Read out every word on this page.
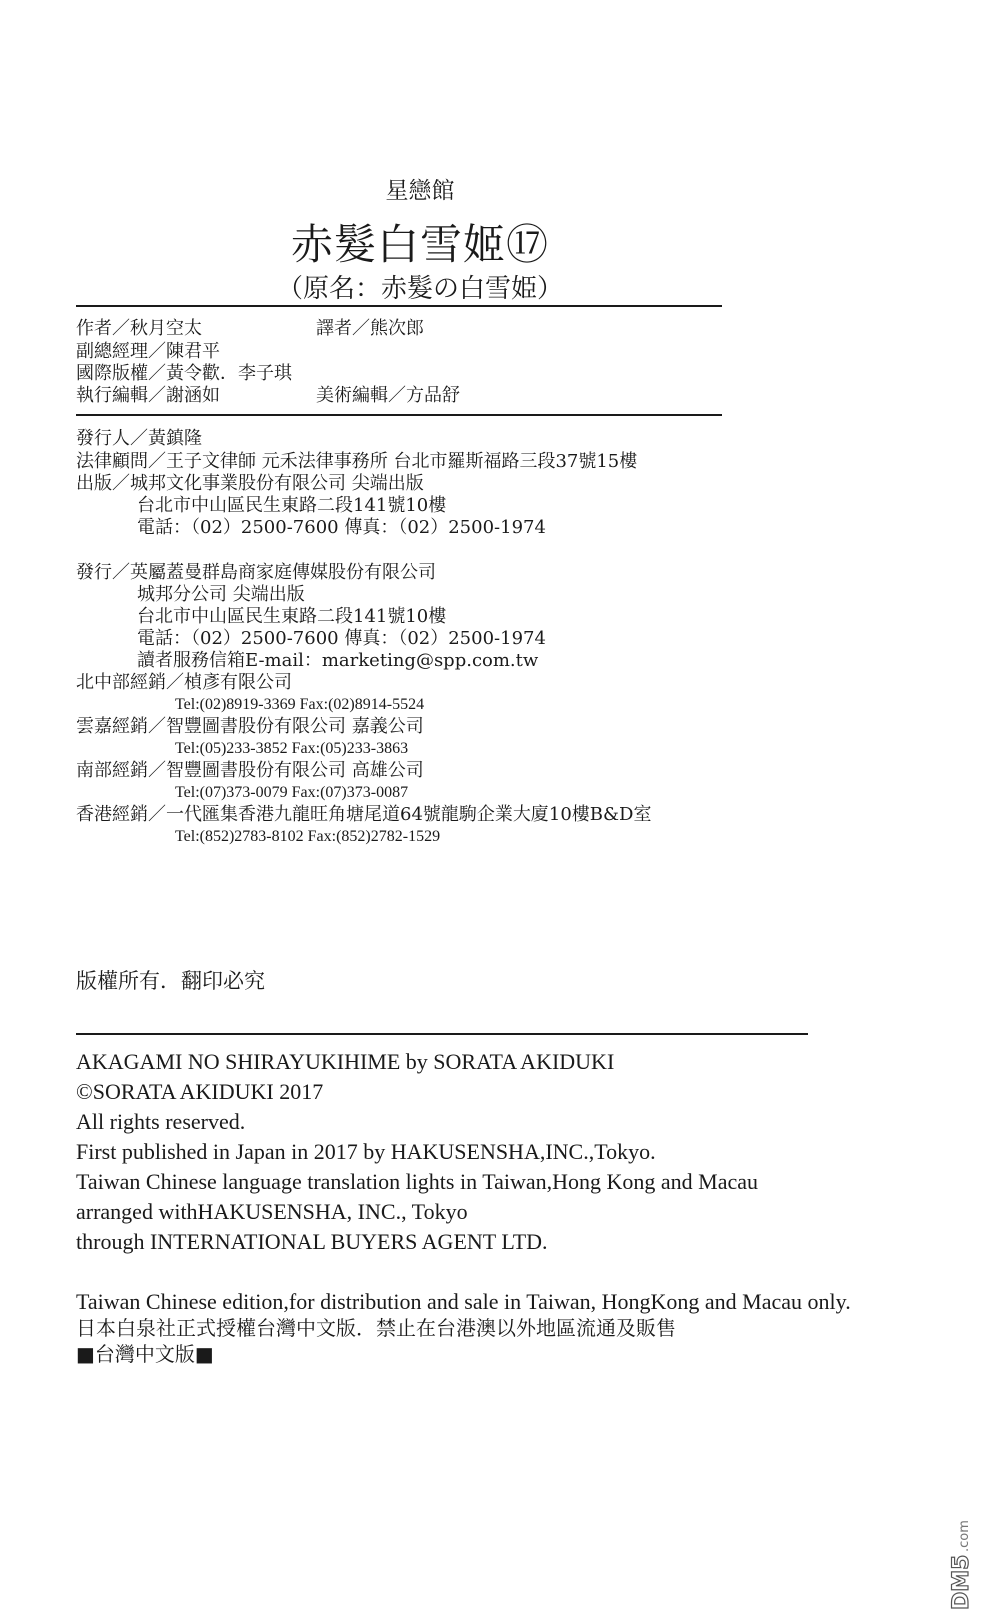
星戀館
赤髮白雪姬⑰
（原名：赤髮の白雪姫）
作者／秋月空太	譯者／熊次郎
副總經理／陳君平
國際版權／黃令歡．李子琪
執行編輯／謝涵如	美術編輯／方品舒
發行人／黃鎮隆
法律顧問／王子文律師 元禾法律事務所 台北市羅斯福路三段37號15樓
出版／城邦文化事業股份有限公司 尖端出版
台北市中山區民生東路二段141號10樓
電話：（02）2500-7600 傳真：（02）2500-1974
發行／英屬蓋曼群島商家庭傳媒股份有限公司
城邦分公司 尖端出版
台北市中山區民生東路二段141號10樓
電話：（02）2500-7600 傳真：（02）2500-1974
讀者服務信箱E-mail：marketing@spp.com.tw
北中部經銷／楨彥有限公司
Tel:(02)8919-3369 Fax:(02)8914-5524
雲嘉經銷／智豐圖書股份有限公司 嘉義公司
Tel:(05)233-3852 Fax:(05)233-3863
南部經銷／智豐圖書股份有限公司 高雄公司
Tel:(07)373-0079 Fax:(07)373-0087
香港經銷／一代匯集香港九龍旺角塘尾道64號龍駒企業大廈10樓B&D室
Tel:(852)2783-8102 Fax:(852)2782-1529
版權所有．翻印必究
AKAGAMI NO SHIRAYUKIHIME by SORATA AKIDUKI
©SORATA AKIDUKI 2017
All rights reserved.
First published in Japan in 2017 by HAKUSENSHA,INC.,Tokyo.
Taiwan Chinese language translation lights in Taiwan,Hong Kong and Macau
arranged withHAKUSENSHA, INC., Tokyo
through INTERNATIONAL BUYERS AGENT LTD.
Taiwan Chinese edition,for distribution and sale in Taiwan, HongKong and Macau only.
日本白泉社正式授權台灣中文版．禁止在台港澳以外地區流通及販售
■台灣中文版■
DM5
.com
